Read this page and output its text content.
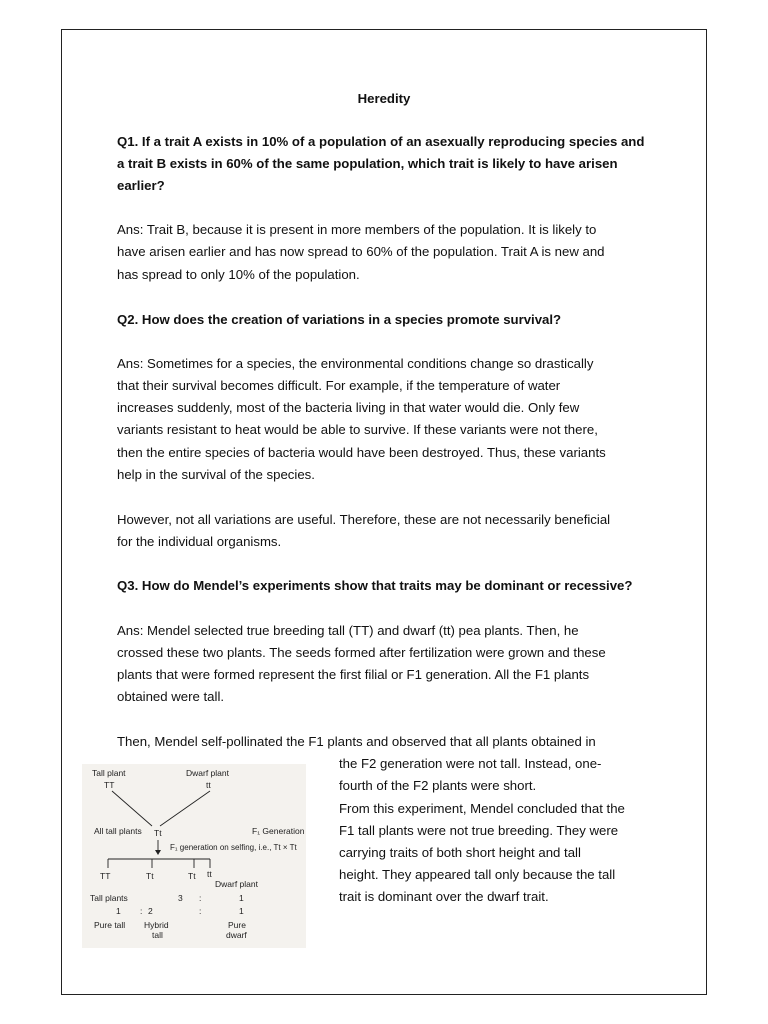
Heredity
Q1. If a trait A exists in 10% of a population of an asexually reproducing species and
a trait B exists in 60% of the same population, which trait is likely to have arisen
earlier?
Ans: Trait B, because it is present in more members of the population. It is likely to
have arisen earlier and has now spread to 60% of the population. Trait A is new and
has spread to only 10% of the population.
Q2. How does the creation of variations in a species promote survival?
Ans: Sometimes for a species, the environmental conditions change so drastically
that their survival becomes difficult. For example, if the temperature of water
increases suddenly, most of the bacteria living in that water would die. Only few
variants resistant to heat would be able to survive. If these variants were not there,
then the entire species of bacteria would have been destroyed. Thus, these variants
help in the survival of the species.
However, not all variations are useful. Therefore, these are not necessarily beneficial
for the individual organisms.
Q3. How do Mendel’s experiments show that traits may be dominant or recessive?
Ans: Mendel selected true breeding tall (TT) and dwarf (tt) pea plants. Then, he
crossed these two plants. The seeds formed after fertilization were grown and these
plants that were formed represent the first filial or F1 generation. All the F1 plants
obtained were tall.
Then, Mendel self-pollinated the F1 plants and observed that all plants obtained in
the F2 generation were not tall. Instead, one-
fourth of the F2 plants were short.
From this experiment, Mendel concluded that the
F1 tall plants were not true breeding. They were
carrying traits of both short height and tall
height. They appeared tall only because the tall
trait is dominant over the dwarf trait.
Tall plant
TT
Dwarf plant
tt
All tall plants Tt	F₁ Generation
F₁ generation on selfing, i.e., Tt × Tt
TT	Tt	Tt tt
Dwarf plant
Tall plants	3 :	1
1 : 2	:	1
Pure tall Hybrid
tall
Pure
dwarf
